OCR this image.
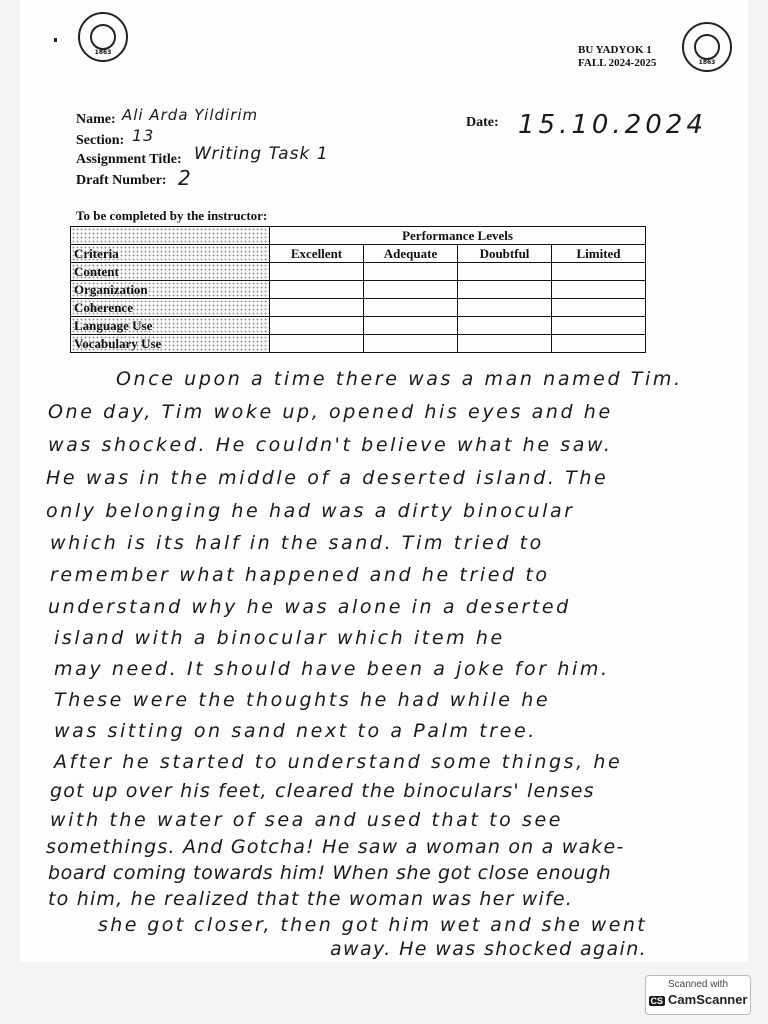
1863
1863
BU YADYOK 1
FALL 2024-2025
Name: Ali Arda Yildirim
Section: 13
Assignment Title: Writing Task 1
Draft Number: 2
Date: 15.10.2024
To be completed by the instructor:
	Performance Levels			
Criteria	Excellent	Adequate	Doubtful	Limited
Content				
Organization				
Coherence				
Language Use				
Vocabulary Use				
Once upon a time there was a man named Tim.
One day, Tim woke up, opened his eyes and he
was shocked. He couldn't believe what he saw.
He was in the middle of a deserted island. The
only belonging he had was a dirty binocular
which is its half in the sand. Tim tried to
remember what happened and he tried to
understand why he was alone in a deserted
island with a binocular which item he
may need. It should have been a joke for him.
These were the thoughts he had while he
was sitting on sand next to a Palm tree.
After he started to understand some things, he
got up over his feet, cleared the binoculars' lenses
with the water of sea and used that to see
somethings. And Gotcha! He saw a woman on a wake-
board coming towards him! When she got close enough
to him, he realized that the woman was her wife.
she got closer, then got him wet and she went
away. He was shocked again.
Scanned with
CS CamScanner
